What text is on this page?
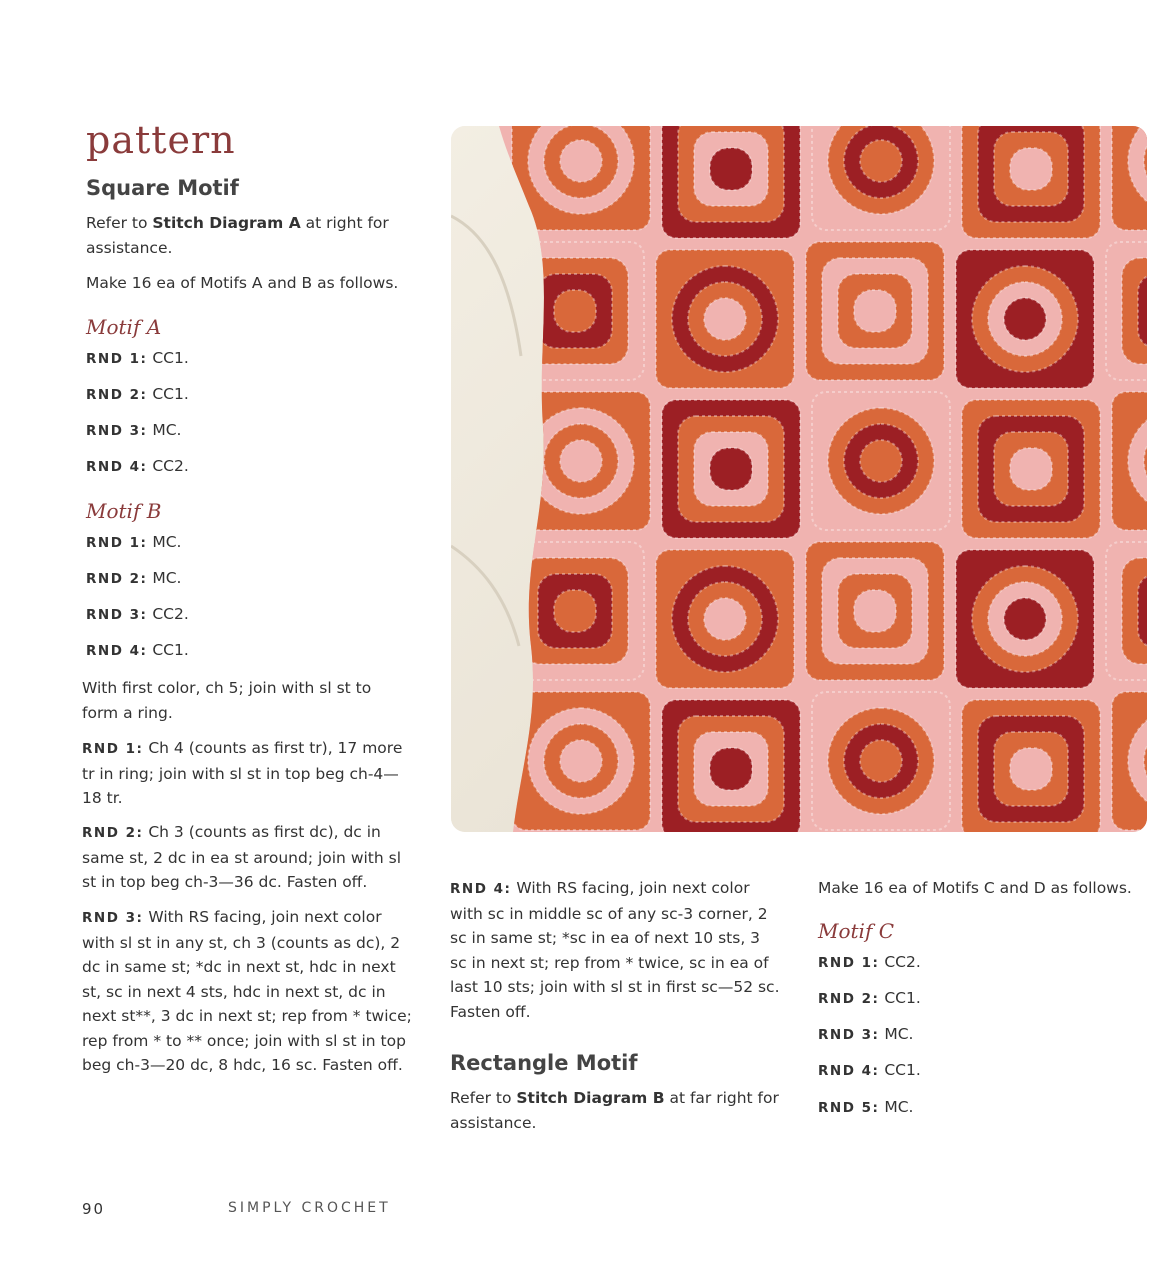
pattern
Square Motif
Refer to Stitch Diagram A at right for assistance.
Make 16 ea of Motifs A and B as follows.
Motif A
RND 1: CC1.
RND 2: CC1.
RND 3: MC.
RND 4: CC2.
Motif B
RND 1: MC.
RND 2: MC.
RND 3: CC2.
RND 4: CC1.
With first color, ch 5; join with sl st to form a ring.
RND 1: Ch 4 (counts as first tr), 17 more tr in ring; join with sl st in top beg ch-4—18 tr.
RND 2: Ch 3 (counts as first dc), dc in same st, 2 dc in ea st around; join with sl st in top beg ch-3—36 dc. Fasten off.
RND 3: With RS facing, join next color with sl st in any st, ch 3 (counts as dc), 2 dc in same st; *dc in next st, hdc in next st, sc in next 4 sts, hdc in next st, dc in next st**, 3 dc in next st; rep from * twice; rep from * to ** once; join with sl st in top beg ch-3—20 dc, 8 hdc, 16 sc. Fasten off.
RND 4: With RS facing, join next color with sc in middle sc of any sc-3 corner, 2 sc in same st; *sc in ea of next 10 sts, 3 sc in next st; rep from * twice, sc in ea of last 10 sts; join with sl st in first sc—52 sc. Fasten off.
Rectangle Motif
Refer to Stitch Diagram B at far right for assistance.
Make 16 ea of Motifs C and D as follows.
Motif C
RND 1: CC2.
RND 2: CC1.
RND 3: MC.
RND 4: CC1.
RND 5: MC.
90	SIMPLY CROCHET
